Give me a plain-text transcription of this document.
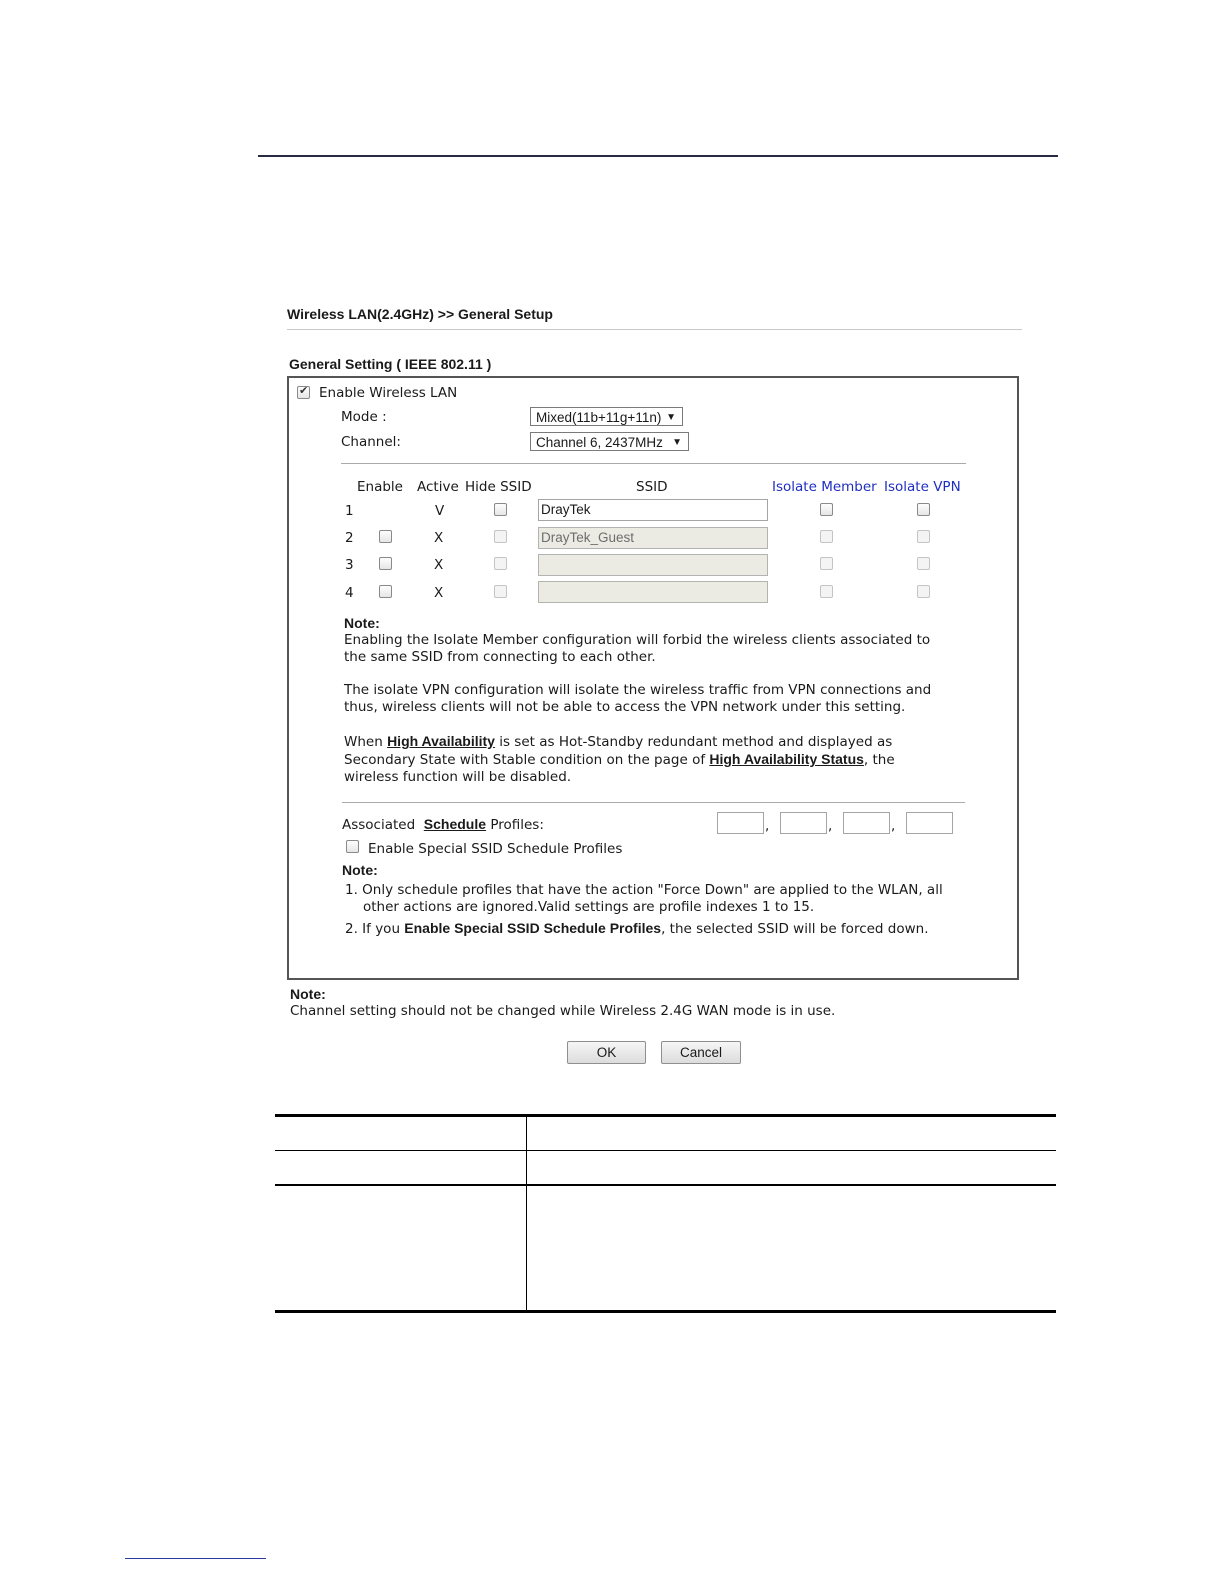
Wireless LAN(2.4GHz) >> General Setup
General Setting ( IEEE 802.11 )
✔
Enable Wireless LAN
Mode :	Mixed(11b+11g+11n) ▼
Channel:	Channel 6, 2437MHz ▼
Enable Active Hide SSID	SSID	Isolate Member Isolate VPN
1	V	DrayTek
2	X	DrayTek_Guest
3	X
4	X
Note:
Enabling the Isolate Member configuration will forbid the wireless clients associated to the same SSID from connecting to each other.
The isolate VPN configuration will isolate the wireless traffic from VPN connections and thus, wireless clients will not be able to access the VPN network under this setting.
When High Availability is set as Hot-Standby redundant method and displayed as Secondary State with Stable condition on the page of High Availability Status, the wireless function will be disabled.
Associated Schedule Profiles:	,	,	,
Enable Special SSID Schedule Profiles
Note:
1. Only schedule profiles that have the action "Force Down" are applied to the WLAN, all
other actions are ignored.Valid settings are profile indexes 1 to 15.
2. If you Enable Special SSID Schedule Profiles, the selected SSID will be forced down.
Note:
Channel setting should not be changed while Wireless 2.4G WAN mode is in use.
OK	Cancel
